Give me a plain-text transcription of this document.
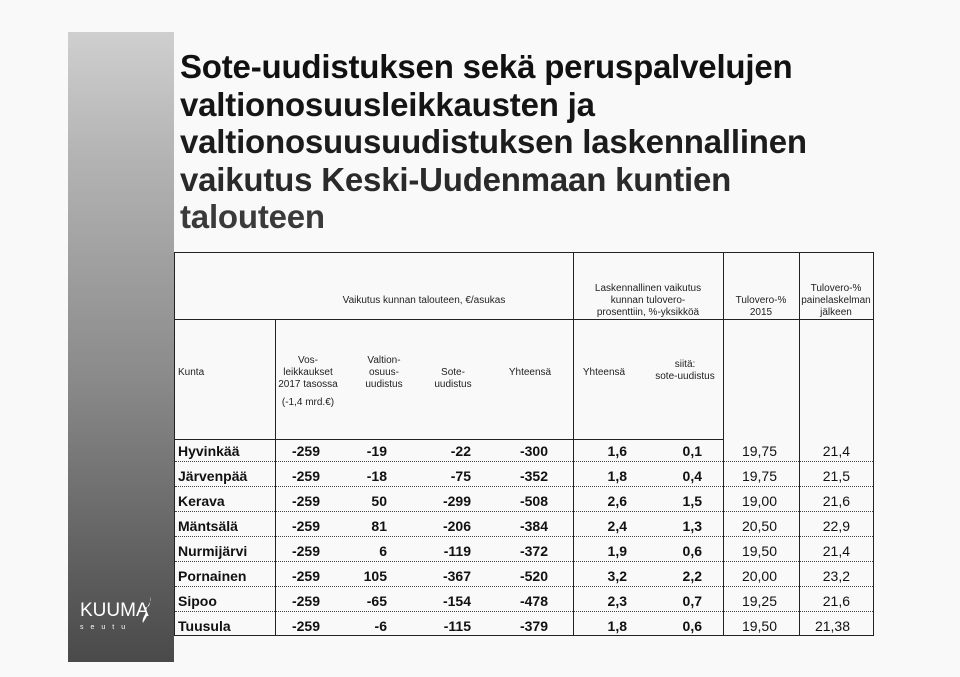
Sote-uudistuksen sekä peruspalvelujen
valtionosuusleikkausten ja
valtionosuusuudistuksen laskennallinen
vaikutus Keski-Uudenmaan kuntien
talouteen
KUUMA
seutu
Vaikutus kunnan talouteen, €/asukas
Laskennallinen vaikutus
kunnan tulovero-
prosenttiin, %-yksikköä
Tulovero-%
2015
Tulovero-%
painelaskelman
jälkeen
Kunta
Vos-
leikkaukset
2017 tasossa
(-1,4 mrd.€)
Valtion-
osuus-
uudistus
Sote-
uudistus
Yhteensä	Yhteensä
siitä:
sote-uudistus
Hyvinkää	-259	-19	-22	-300	1,6	0,1	19,75	21,4
Järvenpää	-259	-18	-75	-352	1,8	0,4	19,75	21,5
Kerava	-259	50	-299	-508	2,6	1,5	19,00	21,6
Mäntsälä	-259	81	-206	-384	2,4	1,3	20,50	22,9
Nurmijärvi	-259	6	-119	-372	1,9	0,6	19,50	21,4
Pornainen	-259	105	-367	-520	3,2	2,2	20,00	23,2
Sipoo	-259	-65	-154	-478	2,3	0,7	19,25	21,6
Tuusula	-259	-6	-115	-379	1,8	0,6	19,50	21,38
